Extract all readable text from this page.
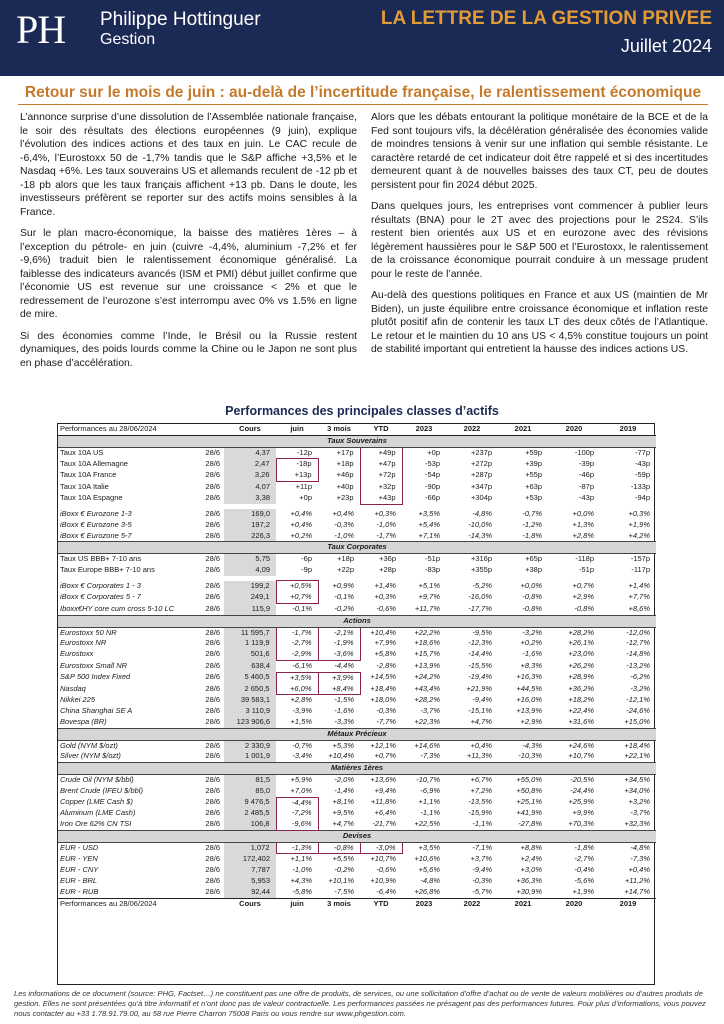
PH Philippe Hottinguer
Gestion
LA LETTRE DE LA GESTION PRIVEE
Juillet 2024
Retour sur le mois de juin : au-delà de l’incertitude française, le ralentissement économique

L’annonce surprise d’une dissolution de l’Assemblée nationale française, le soir des résultats des élections européennes (9 juin), explique l’évolution des indices actions et des taux en juin. Le CAC recule de -6,4%, l’Eurostoxx 50 de -1,7% tandis que le S&P affiche +3,5% et le Nasdaq +6%. Les taux souverains US et allemands reculent de -12 pb et -18 pb alors que les taux français affichent +13 pb. Dans le doute, les investisseurs préfèrent se reporter sur des actifs moins sensibles à la France.

Sur le plan macro-économique, la baisse des matières 1ères – à l’exception du pétrole- en juin (cuivre -4,4%, aluminium -7,2% et fer -9,6%) traduit bien le ralentissement économique généralisé. La faiblesse des indicateurs avancés (ISM et PMI) début juillet confirme que l’économie US est revenue sur une croissance < 2% et que le redressement de l’eurozone s’est interrompu avec 0% vs 1.5% en ligne de mire.

Si des économies comme l’Inde, le Brésil ou la Russie restent dynamiques, des poids lourds comme la Chine ou le Japon ne sont plus en phase d’accélération.

Alors que les débats entourant la politique monétaire de la BCE et de la Fed sont toujours vifs, la décélération généralisée des économies valide de moindres tensions à venir sur une inflation qui semble résistante. Le caractère retardé de cet indicateur doit être rappelé et si des incertitudes demeurent quant à de nouvelles baisses des taux CT, peu de doutes persistent pour fin 2024 début 2025.

Dans quelques jours, les entreprises vont commencer à publier leurs résultats (BNA) pour le 2T avec des projections pour le 2S24. S’ils restent bien orientés aux US et en eurozone avec des révisions légèrement haussières pour le S&P 500 et l’Eurostoxx, le ralentissement de la croissance économique pourrait conduire à un message prudent pour le reste de l’année.

Au-delà des questions politiques en France et aux US (maintien de Mr Biden), un juste équilibre entre croissance économique et inflation reste plutôt positif afin de contenir les taux LT des deux côtés de l’Atlantique. Le retour et le maintien du 10 ans US < 4,5% constitue toujours un point de stabilité important qui entretient la hausse des indices actions US.

Performances des principales classes d’actifs
Performances au 28/06/2024		Cours	juin	3 mois	YTD	2023	2022	2021	2020	2019
Taux Souverains										
Taux 10A US	28/6	4,37	-12p	+17p	+49p	+0p	+237p	+59p	-100p	-77p
Taux 10A Allemagne	28/6	2,47	-18p	+18p	+47p	-53p	+272p	+39p	-39p	-43p
Taux 10A France	28/6	3,26	+13p	+46p	+72p	-54p	+287p	+55p	-46p	-59p
Taux 10A Italie	28/6	4,07	+11p	+40p	+32p	-90p	+347p	+63p	-87p	-133p
Taux 10A Espagne	28/6	3,38	+0p	+23p	+43p	-66p	+304p	+53p	-43p	-94p

iBoxx € Eurozone 1-3	28/6	169,0	+0,4%	+0,4%	+0,3%	+3,5%	-4,8%	-0,7%	+0,0%	+0,3%
iBoxx € Eurozone 3-5	28/6	197,2	+0,4%	-0,3%	-1,0%	+5,4%	-10,0%	-1,2%	+1,3%	+1,9%
iBoxx € Eurozone 5-7	28/6	226,3	+0,2%	-1,0%	-1,7%	+7,1%	-14,3%	-1,8%	+2,8%	+4,2%
Taux Corporates										
Taux US BBB+ 7-10 ans	28/6	5,75	-6p	+18p	+36p	-51p	+316p	+65p	-118p	-157p
Taux Europe BBB+ 7-10 ans	28/6	4,09	-9p	+22p	+28p	-83p	+355p	+38p	-51p	-117p

iBoxx € Corporates 1 - 3	28/6	199,2	+0,5%	+0,9%	+1,4%	+5,1%	-5,2%	+0,0%	+0,7%	+1,4%
iBoxx € Corporates 5 - 7	28/6	249,1	+0,7%	-0,1%	+0,3%	+9,7%	-16,0%	-0,8%	+2,9%	+7,7%
Iboxx€HY core cum cross 5-10 LC	28/6	115,9	-0,1%	-0,2%	-0,6%	+11,7%	-17,7%	-0,8%	-0,8%	+8,6%
Actions										
Eurostoxx 50 NR	28/6	11 595,7	-1,7%	-2,1%	+10,4%	+22,2%	-9,5%	-3,2%	+28,2%	-12,0%
Eurostoxx NR	28/6	1 119,9	-2,7%	-1,9%	+7,9%	+18,6%	-12,3%	+0,2%	+26,1%	-12,7%
Eurostoxx	28/6	501,6	-2,9%	-3,6%	+5,8%	+15,7%	-14,4%	-1,6%	+23,0%	-14,8%
Eurostoxx Small NR	28/6	638,4	-6,1%	-4,4%	-2,8%	+13,9%	-15,5%	+8,3%	+26,2%	-13,2%
S&P 500 Index Fixed	28/6	5 460,5	+3,5%	+3,9%	+14,5%	+24,2%	-19,4%	+16,3%	+28,9%	-6,2%
Nasdaq	28/6	2 650,5	+6,0%	+8,4%	+18,4%	+43,4%	+21,9%	+44,5%	+36,2%	-3,2%
Nikkei 225	28/6	39 583,1	+2,8%	-1,5%	+18,0%	+28,2%	-9,4%	+16,0%	+18,2%	-12,1%
China Shanghai SE A	28/6	3 110,9	-3,9%	-1,6%	-0,3%	-3,7%	-15,1%	+13,9%	+22,4%	-24,6%
Bovespa (BR)	28/6	123 906,6	+1,5%	-3,3%	-7,7%	+22,3%	+4,7%	+2,9%	+31,6%	+15,0%
Métaux Précieux										
Gold (NYM $/ozt)	28/6	2 330,9	-0,7%	+5,3%	+12,1%	+14,6%	+0,4%	-4,3%	+24,6%	+18,4%
Silver (NYM $/ozt)	28/6	1 001,9	-3,4%	+10,4%	+0,7%	-7,3%	+11,3%	-10,3%	+10,7%	+22,1%
Matières 1ères										
Crude Oil (NYM $/bbl)	28/6	81,5	+5,9%	-2,0%	+13,6%	-10,7%	+6,7%	+55,0%	-20,5%	+34,5%
Brent Crude (IFEU $/bbl)	28/6	85,0	+7,0%	-1,4%	+9,4%	-6,9%	+7,2%	+50,8%	-24,4%	+34,0%
Copper (LME Cash $)	28/6	9 476,5	-4,4%	+8,1%	+11,8%	+1,1%	-13,5%	+25,1%	+25,9%	+3,2%
Aluminum (LME Cash)	28/6	2 485,5	-7,2%	+9,5%	+6,4%	-1,1%	-15,9%	+41,9%	+9,9%	-3,7%
Iron Ore 62% CN TSI	28/6	106,8	-9,6%	+4,7%	-21,7%	+22,5%	-1,1%	-27,8%	+70,3%	+32,3%
Devises										
EUR - USD	28/6	1,072	-1,3%	-0,8%	-3,0%	+3,5%	-7,1%	+8,8%	-1,8%	-4,8%
EUR - YEN	28/6	172,402	+1,1%	+5,5%	+10,7%	+10,6%	+3,7%	+2,4%	-2,7%	-7,3%
EUR - CNY	28/6	7,787	-1,0%	-0,2%	-0,6%	+5,6%	-9,4%	+3,0%	-0,4%	+0,4%
EUR - BRL	28/6	5,953	+4,3%	+10,1%	+10,9%	-4,8%	-0,3%	+36,3%	-5,6%	+11,2%
EUR - RUB	28/6	92,44	-5,8%	-7,5%	-6,4%	+26,8%	-5,7%	+30,9%	+1,9%	+14,7%
Performances au 28/06/2024		Cours	juin	3 mois	YTD	2023	2022	2021	2020	2019
Les informations de ce document (source: PHG, Factset…) ne constituent pas une offre de produits, de services, ou une sollicitation d’offre d’achat ou de vente de valeurs mobilières ou d’autres produits de gestion. Elles ne sont présentées qu’à titre informatif et n’ont donc pas de valeur contractuelle. Les performances passées ne présagent pas des performances futures. Pour plus d’informations, vous pouvez nous contacter au +33 1.78.91.79.00, au 58 rue Pierre Charron 75008 Paris ou vous rendre sur www.phgestion.com.
